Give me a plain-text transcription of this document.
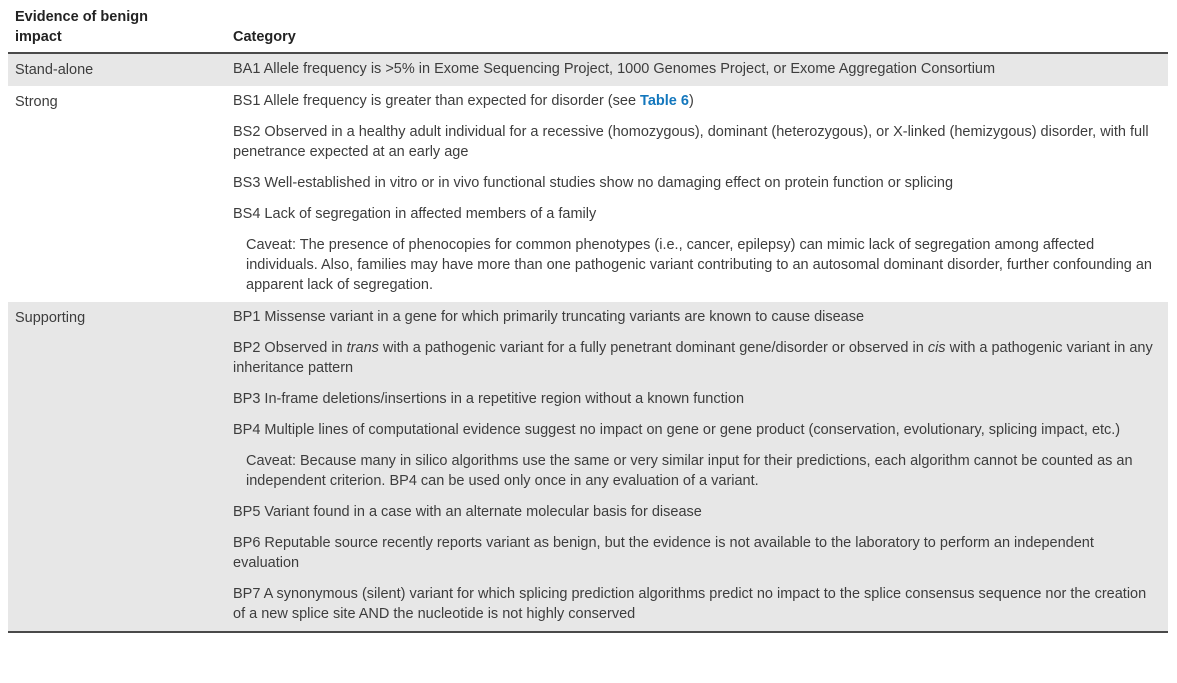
Evidence of benign impact	Category
Stand-alone	BA1 Allele frequency is >5% in Exome Sequencing Project, 1000 Genomes Project, or Exome Aggregation Consortium

Strong	BS1 Allele frequency is greater than expected for disorder (see Table 6)

BS2 Observed in a healthy adult individual for a recessive (homozygous), dominant (heterozygous), or X-linked (hemizygous) disorder, with full penetrance expected at an early age

BS3 Well-established in vitro or in vivo functional studies show no damaging effect on protein function or splicing

BS4 Lack of segregation in affected members of a family

Caveat: The presence of phenocopies for common phenotypes (i.e., cancer, epilepsy) can mimic lack of segregation among affected individuals. Also, families may have more than one pathogenic variant contributing to an autosomal dominant disorder, further confounding an apparent lack of segregation.

Supporting	BP1 Missense variant in a gene for which primarily truncating variants are known to cause disease

BP2 Observed in trans with a pathogenic variant for a fully penetrant dominant gene/disorder or observed in cis with a pathogenic variant in any inheritance pattern

BP3 In-frame deletions/insertions in a repetitive region without a known function

BP4 Multiple lines of computational evidence suggest no impact on gene or gene product (conservation, evolutionary, splicing impact, etc.)

Caveat: Because many in silico algorithms use the same or very similar input for their predictions, each algorithm cannot be counted as an independent criterion. BP4 can be used only once in any evaluation of a variant.

BP5 Variant found in a case with an alternate molecular basis for disease

BP6 Reputable source recently reports variant as benign, but the evidence is not available to the laboratory to perform an independent evaluation

BP7 A synonymous (silent) variant for which splicing prediction algorithms predict no impact to the splice consensus sequence nor the creation of a new splice site AND the nucleotide is not highly conserved
